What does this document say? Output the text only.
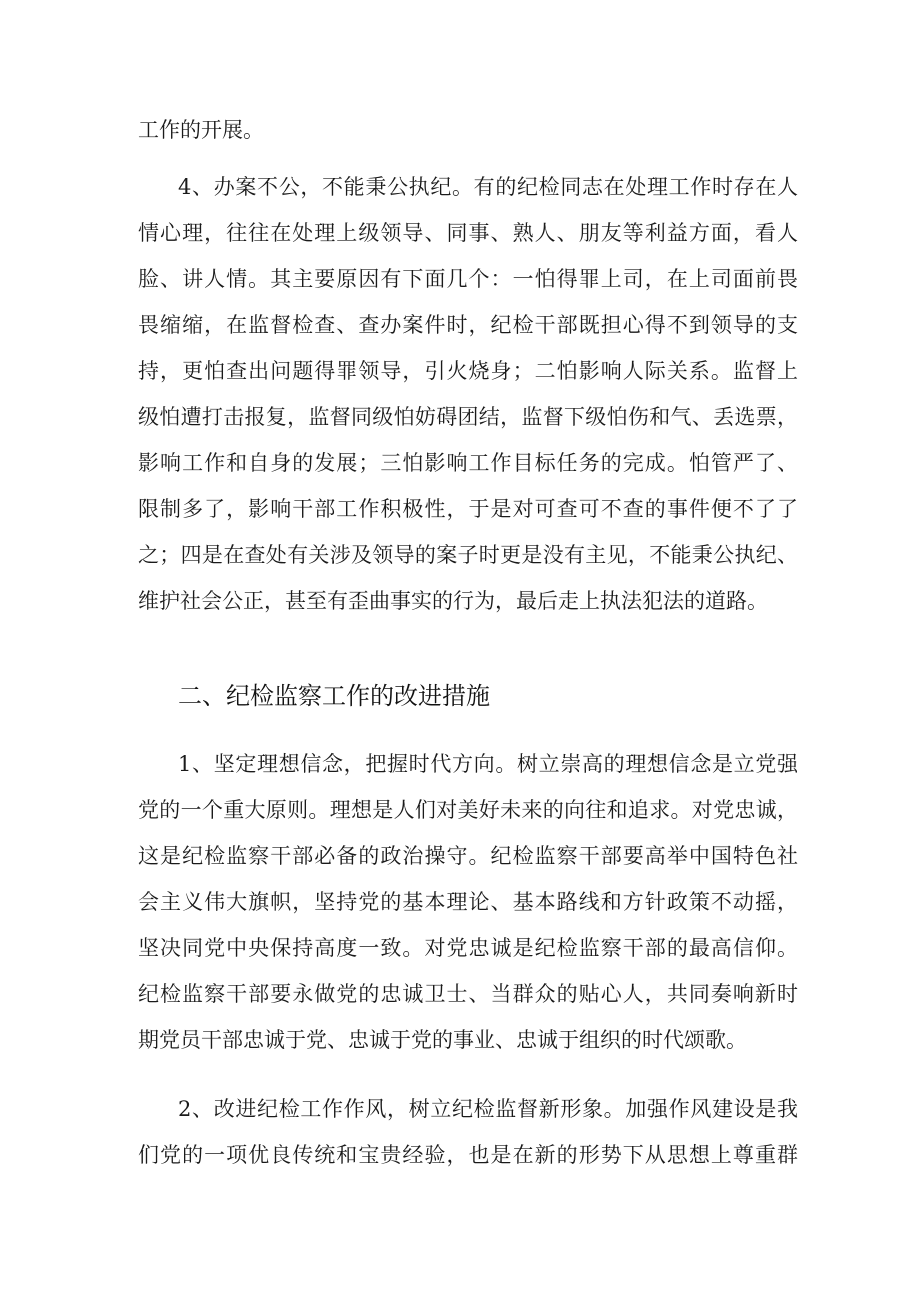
工作的开展。
4、办案不公，不能秉公执纪。有的纪检同志在处理工作时存在人
情心理，往往在处理上级领导、同事、熟人、朋友等利益方面，看人
脸、讲人情。其主要原因有下面几个：一怕得罪上司，在上司面前畏
畏缩缩，在监督检查、查办案件时，纪检干部既担心得不到领导的支
持，更怕查出问题得罪领导，引火烧身；二怕影响人际关系。监督上
级怕遭打击报复，监督同级怕妨碍团结，监督下级怕伤和气、丢选票，
影响工作和自身的发展；三怕影响工作目标任务的完成。怕管严了、
限制多了，影响干部工作积极性，于是对可查可不查的事件便不了了
之；四是在查处有关涉及领导的案子时更是没有主见，不能秉公执纪、
维护社会公正，甚至有歪曲事实的行为，最后走上执法犯法的道路。
二、纪检监察工作的改进措施
1、坚定理想信念，把握时代方向。树立崇高的理想信念是立党强
党的一个重大原则。理想是人们对美好未来的向往和追求。对党忠诚，
这是纪检监察干部必备的政治操守。纪检监察干部要高举中国特色社
会主义伟大旗帜，坚持党的基本理论、基本路线和方针政策不动摇，
坚决同党中央保持高度一致。对党忠诚是纪检监察干部的最高信仰。
纪检监察干部要永做党的忠诚卫士、当群众的贴心人，共同奏响新时
期党员干部忠诚于党、忠诚于党的事业、忠诚于组织的时代颂歌。
2、改进纪检工作作风，树立纪检监督新形象。加强作风建设是我
们党的一项优良传统和宝贵经验，也是在新的形势下从思想上尊重群
